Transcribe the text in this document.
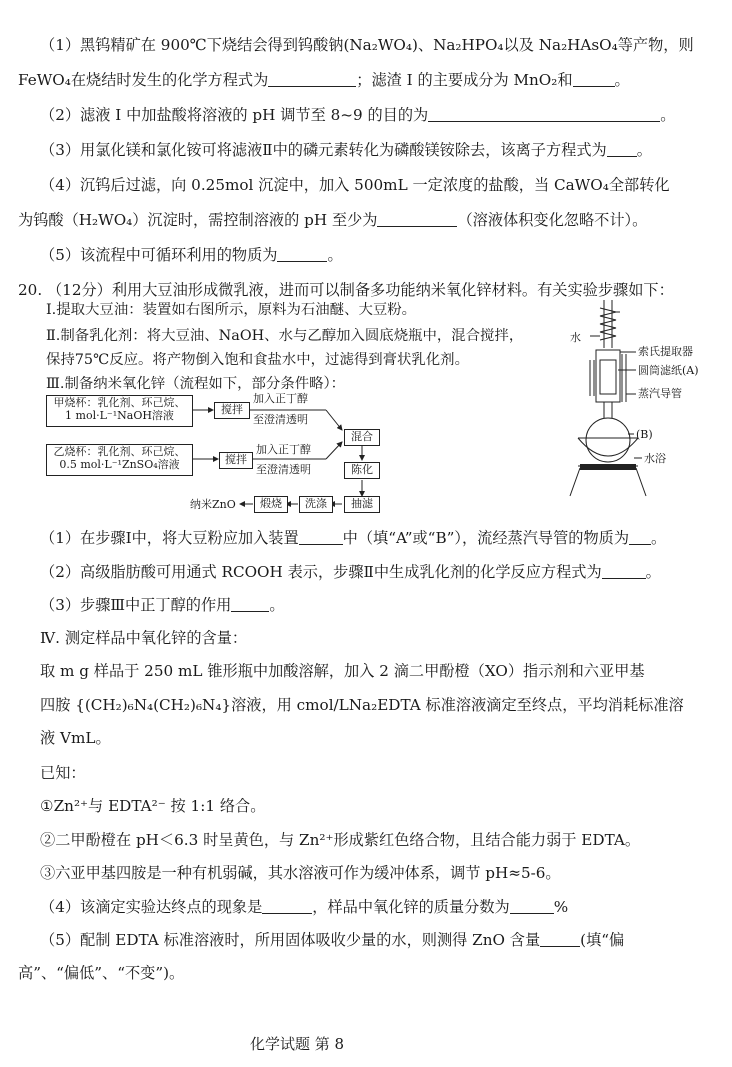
（1）黑钨精矿在 900℃下烧结会得到钨酸钠(Na₂WO₄)、Na₂HPO₄以及 Na₂HAsO₄等产物，则
FeWO₄在烧结时发生的化学方程式为	；滤渣 I 的主要成分为 MnO₂和	。
（2）滤液 I 中加盐酸将溶液的 pH 调节至 8~9 的目的为	。
（3）用氯化镁和氯化铵可将滤液Ⅱ中的磷元素转化为磷酸镁铵除去，该离子方程式为 。
（4）沉钨后过滤，向 0.25mol 沉淀中，加入 500mL 一定浓度的盐酸，当 CaWO₄全部转化
为钨酸（H₂WO₄）沉淀时，需控制溶液的 pH 至少为	（溶液体积变化忽略不计）。
（5）该流程中可循环利用的物质为	。
20. （12分）利用大豆油形成微乳液，进而可以制备多功能纳米氧化锌材料。有关实验步骤如下：
Ⅰ.提取大豆油：装置如右图所示，原料为石油醚、大豆粉。
Ⅱ.制备乳化剂：将大豆油、NaOH、水与乙醇加入圆底烧瓶中，混合搅拌，
保持75℃反应。将产物倒入饱和食盐水中，过滤得到膏状乳化剂。
Ⅲ.制备纳米氧化锌（流程如下，部分条件略）：
甲烧杯：乳化剂、环己烷、
1 mol·L⁻¹NaOH溶液	搅拌
加入正丁醇
至澄清透明
乙烧杯：乳化剂、环己烷、
0.5 mol·L⁻¹ZnSO₄溶液	搅拌
加入正丁醇
至澄清透明
混合
陈化
抽滤
洗涤
煅烧
纳米ZnO
水
索氏提取器
圆筒滤纸(A)
蒸汽导管
(B)
水浴
（1）在步骤Ⅰ中，将大豆粉应加入装置	中（填“A”或“B”），流经蒸汽导管的物质为 。
（2）高级脂肪酸可用通式 RCOOH 表示，步骤Ⅱ中生成乳化剂的化学反应方程式为	。
（3）步骤Ⅲ中正丁醇的作用	。
Ⅳ. 测定样品中氧化锌的含量：
取 m g 样品于 250 mL 锥形瓶中加酸溶解，加入 2 滴二甲酚橙（XO）指示剂和六亚甲基
四胺 {(CH₂)₆N₄(CH₂)₆N₄}溶液，用 cmol/LNa₂EDTA 标准溶液滴定至终点，平均消耗标准溶
液 VmL。
已知：
①Zn²⁺与 EDTA²⁻ 按 1:1 络合。
②二甲酚橙在 pH＜6.3 时呈黄色，与 Zn²⁺形成紫红色络合物，且结合能力弱于 EDTA。
③六亚甲基四胺是一种有机弱碱，其水溶液可作为缓冲体系，调节 pH≈5-6。
（4）该滴定实验达终点的现象是	，样品中氧化锌的质量分数为	%
（5）配制 EDTA 标准溶液时，所用固体吸收少量的水，则测得 ZnO 含量	(填“偏
高”、“偏低”、“不变”)。
化学试题 第 8
